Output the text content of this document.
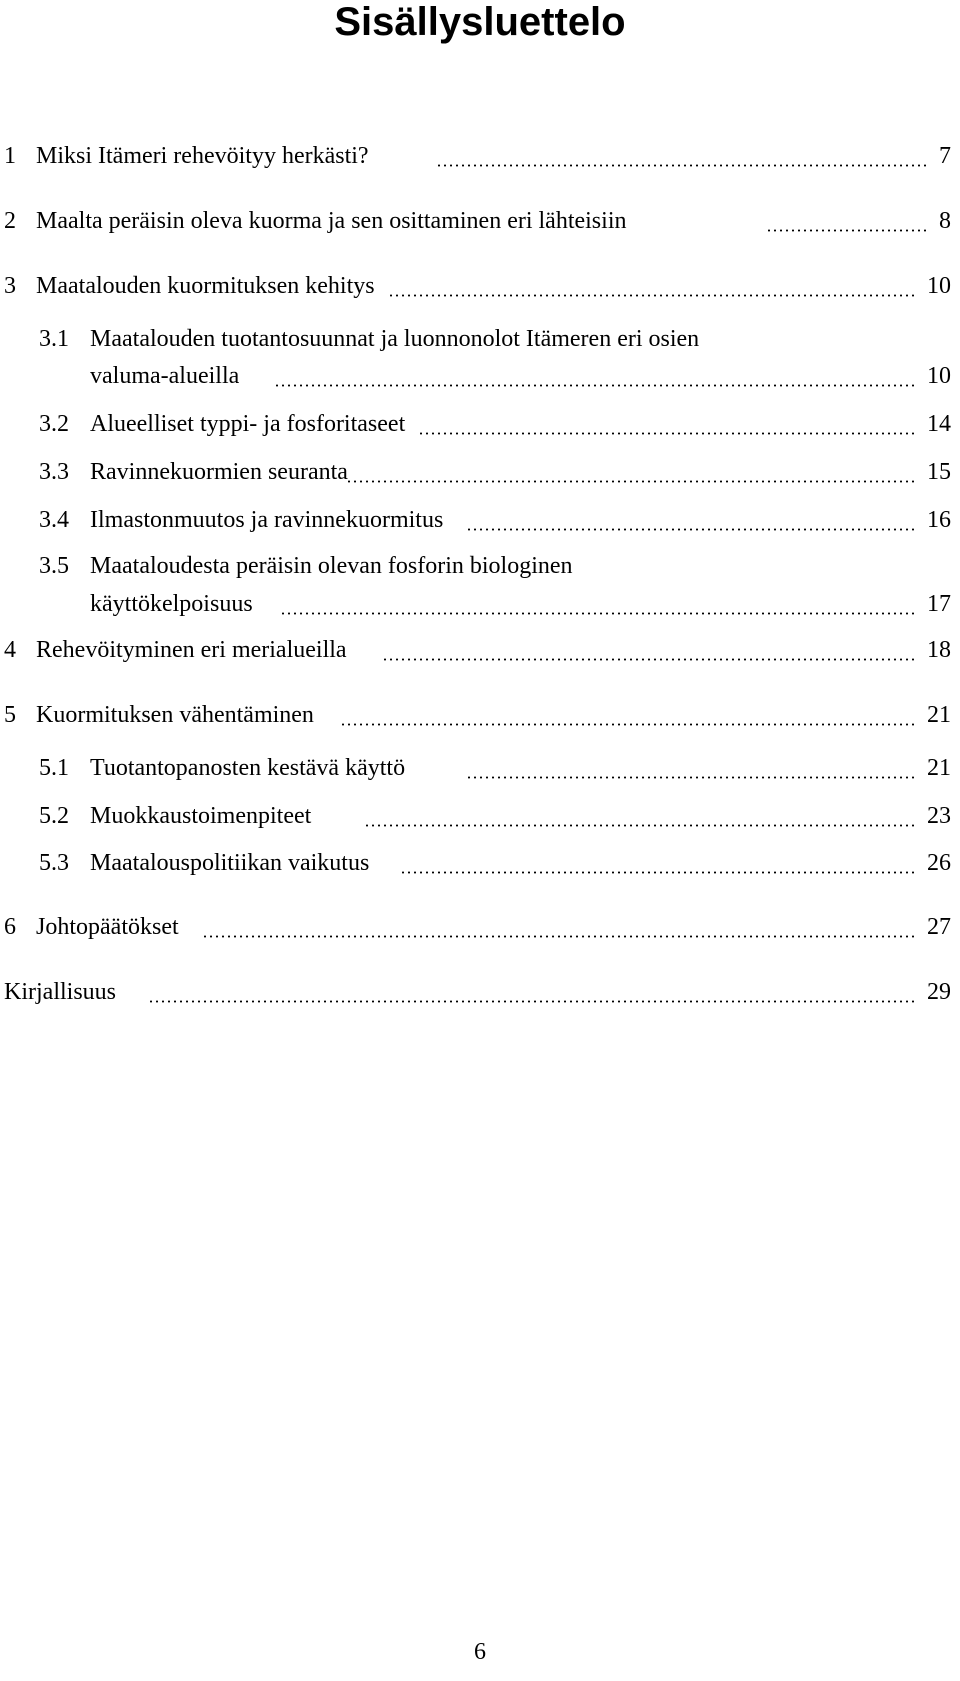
Sisällysluettelo
1 Miksi Itämeri rehevöityy herkästi?	7
2 Maalta peräisin oleva kuorma ja sen osittaminen eri lähteisiin	8
3 Maatalouden kuormituksen kehitys	10
3.1 Maatalouden tuotantosuunnat ja luonnonolot Itämeren eri osien
valuma-alueilla	10
3.2 Alueelliset typpi- ja fosforitaseet	14
3.3 Ravinnekuormien seuranta	15
3.4 Ilmastonmuutos ja ravinnekuormitus	16
3.5 Maataloudesta peräisin olevan fosforin biologinen
käyttökelpoisuus	17
4 Rehevöityminen eri merialueilla	18
5 Kuormituksen vähentäminen	21
5.1 Tuotantopanosten kestävä käyttö	21
5.2 Muokkaustoimenpiteet	23
5.3 Maatalouspolitiikan vaikutus	26
6 Johtopäätökset	27
Kirjallisuus	29
6
